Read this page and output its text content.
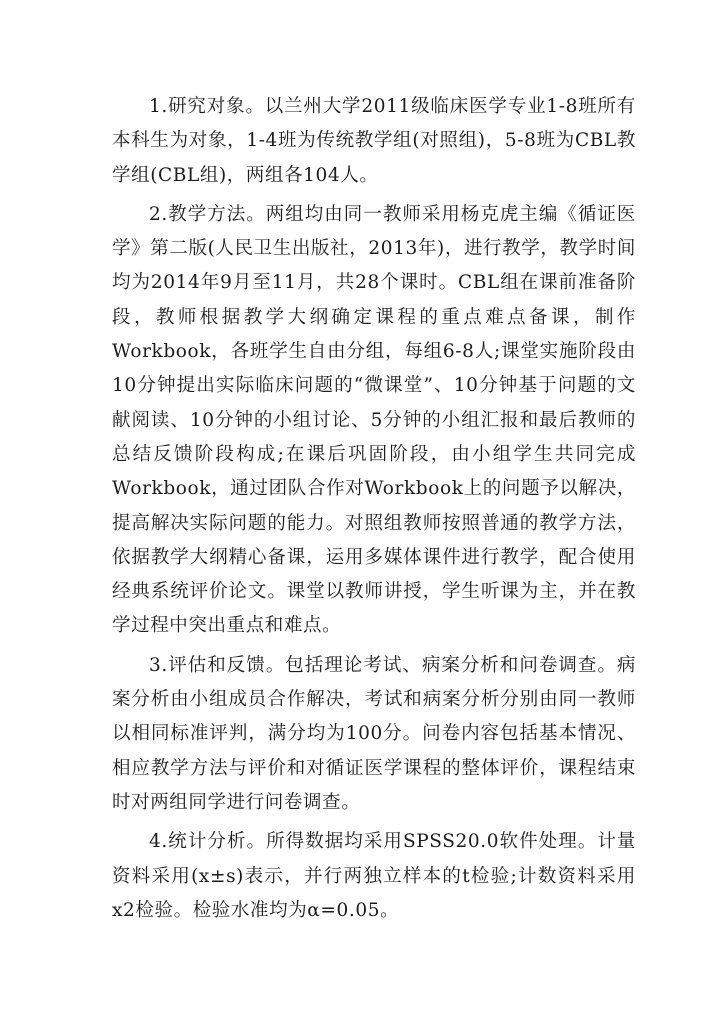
1.研究对象。以兰州大学2011级临床医学专业1-8班所有本科生为对象，1-4班为传统教学组(对照组)，5-8班为CBL教学组(CBL组)，两组各104人。

2.教学方法。两组均由同一教师采用杨克虎主编《循证医学》第二版(人民卫生出版社，2013年)，进行教学，教学时间均为2014年9月至11月，共28个课时。CBL组在课前准备阶段，教师根据教学大纲确定课程的重点难点备课，制作Workbook，各班学生自由分组，每组6-8人;课堂实施阶段由10分钟提出实际临床问题的“微课堂”、10分钟基于问题的文献阅读、10分钟的小组讨论、5分钟的小组汇报和最后教师的总结反馈阶段构成;在课后巩固阶段，由小组学生共同完成Workbook，通过团队合作对Workbook上的问题予以解决，提高解决实际问题的能力。对照组教师按照普通的教学方法，依据教学大纲精心备课，运用多媒体课件进行教学，配合使用经典系统评价论文。课堂以教师讲授，学生听课为主，并在教学过程中突出重点和难点。

3.评估和反馈。包括理论考试、病案分析和问卷调查。病案分析由小组成员合作解决，考试和病案分析分别由同一教师以相同标准评判，满分均为100分。问卷内容包括基本情况、相应教学方法与评价和对循证医学课程的整体评价，课程结束时对两组同学进行问卷调查。

4.统计分析。所得数据均采用SPSS20.0软件处理。计量资料采用(x±s)表示，并行两独立样本的t检验;计数资料采用x2检验。检验水准均为α=0.05。
